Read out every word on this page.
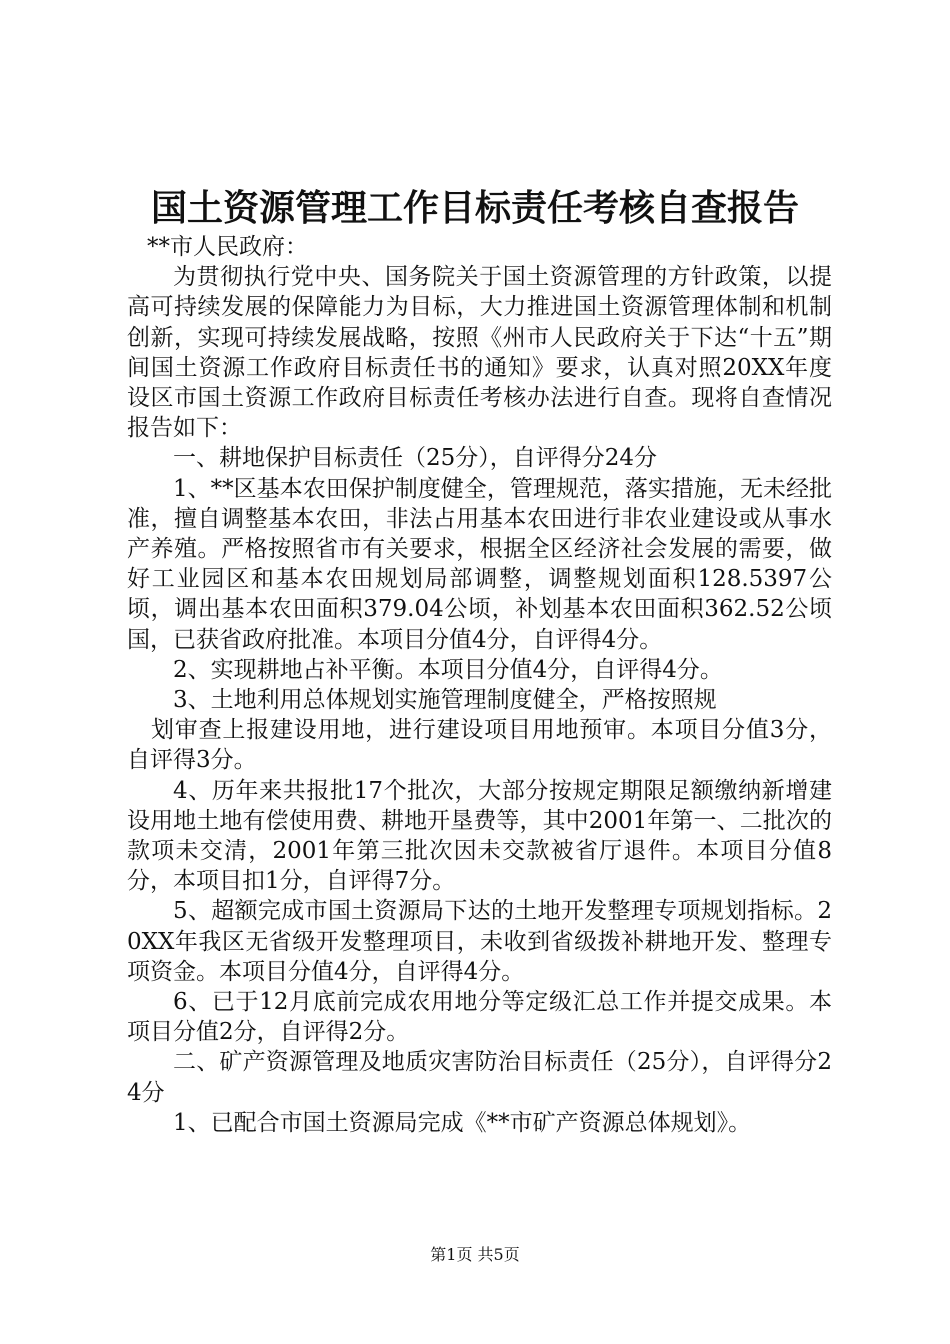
国土资源管理工作目标责任考核自查报告

**市人民政府：

为贯彻执行党中央、国务院关于国土资源管理的方针政策，以提高可持续发展的保障能力为目标，大力推进国土资源管理体制和机制创新，实现可持续发展战略，按照《州市人民政府关于下达“十五”期间国土资源工作政府目标责任书的通知》要求，认真对照20XX年度设区市国土资源工作政府目标责任考核办法进行自查。现将自查情况报告如下：

一、耕地保护目标责任（25分），自评得分24分

1、**区基本农田保护制度健全，管理规范，落实措施，无未经批准，擅自调整基本农田，非法占用基本农田进行非农业建设或从事水产养殖。严格按照省市有关要求，根据全区经济社会发展的需要，做好工业园区和基本农田规划局部调整，调整规划面积128.5397公顷，调出基本农田面积379.04公顷，补划基本农田面积362.52公顷国，已获省政府批准。本项目分值4分，自评得4分。

2、实现耕地占补平衡。本项目分值4分，自评得4分。

3、土地利用总体规划实施管理制度健全，严格按照规

划审查上报建设用地，进行建设项目用地预审。本项目分值3分，自评得3分。

4、历年来共报批17个批次，大部分按规定期限足额缴纳新增建设用地土地有偿使用费、耕地开垦费等，其中2001年第一、二批次的款项未交清，2001年第三批次因未交款被省厅退件。本项目分值8分，本项目扣1分，自评得7分。

5、超额完成市国土资源局下达的土地开发整理专项规划指标。20XX年我区无省级开发整理项目，未收到省级拨补耕地开发、整理专项资金。本项目分值4分，自评得4分。

6、已于12月底前完成农用地分等定级汇总工作并提交成果。本项目分值2分，自评得2分。

二、矿产资源管理及地质灾害防治目标责任（25分），自评得分24分

1、已配合市国土资源局完成《**市矿产资源总体规划》。

第1页 共5页
